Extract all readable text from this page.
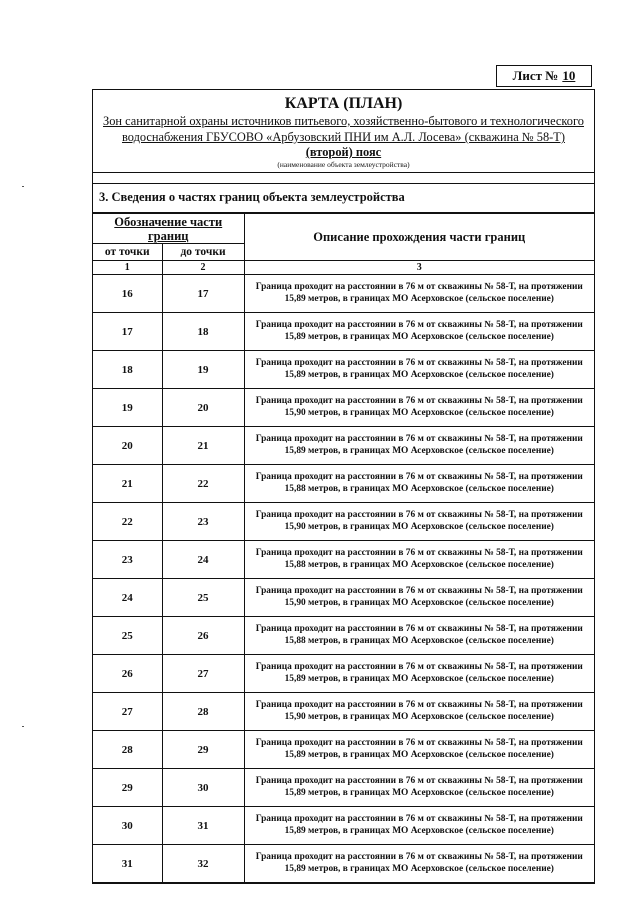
Лист № 10
КАРТА (ПЛАН)
Зон санитарной охраны источников питьевого, хозяйственно-бытового и технологического
водоснабжения ГБУСОВО «Арбузовский ПНИ им А.Л. Лосева» (скважина № 58-Т)
(второй) пояс
(наименование объекта землеустройства)
3. Сведения о частях границ объекта землеустройства
Обозначение части границ		Описание прохождения части границ
от точки	до точки	
1	2	3
16	17	Граница проходит на расстоянии в 76 м от скважины № 58-Т, на протяжении 15,89 метров, в границах МО Асерховское (сельское поселение)
17	18	Граница проходит на расстоянии в 76 м от скважины № 58-Т, на протяжении 15,89 метров, в границах МО Асерховское (сельское поселение)
18	19	Граница проходит на расстоянии в 76 м от скважины № 58-Т, на протяжении 15,89 метров, в границах МО Асерховское (сельское поселение)
19	20	Граница проходит на расстоянии в 76 м от скважины № 58-Т, на протяжении 15,90 метров, в границах МО Асерховское (сельское поселение)
20	21	Граница проходит на расстоянии в 76 м от скважины № 58-Т, на протяжении 15,89 метров, в границах МО Асерховское (сельское поселение)
21	22	Граница проходит на расстоянии в 76 м от скважины № 58-Т, на протяжении 15,88 метров, в границах МО Асерховское (сельское поселение)
22	23	Граница проходит на расстоянии в 76 м от скважины № 58-Т, на протяжении 15,90 метров, в границах МО Асерховское (сельское поселение)
23	24	Граница проходит на расстоянии в 76 м от скважины № 58-Т, на протяжении 15,88 метров, в границах МО Асерховское (сельское поселение)
24	25	Граница проходит на расстоянии в 76 м от скважины № 58-Т, на протяжении 15,90 метров, в границах МО Асерховское (сельское поселение)
25	26	Граница проходит на расстоянии в 76 м от скважины № 58-Т, на протяжении 15,88 метров, в границах МО Асерховское (сельское поселение)
26	27	Граница проходит на расстоянии в 76 м от скважины № 58-Т, на протяжении 15,89 метров, в границах МО Асерховское (сельское поселение)
27	28	Граница проходит на расстоянии в 76 м от скважины № 58-Т, на протяжении 15,90 метров, в границах МО Асерховское (сельское поселение)
28	29	Граница проходит на расстоянии в 76 м от скважины № 58-Т, на протяжении 15,89 метров, в границах МО Асерховское (сельское поселение)
29	30	Граница проходит на расстоянии в 76 м от скважины № 58-Т, на протяжении 15,89 метров, в границах МО Асерховское (сельское поселение)
30	31	Граница проходит на расстоянии в 76 м от скважины № 58-Т, на протяжении 15,89 метров, в границах МО Асерховское (сельское поселение)
31	32	Граница проходит на расстоянии в 76 м от скважины № 58-Т, на протяжении 15,89 метров, в границах МО Асерховское (сельское поселение)
